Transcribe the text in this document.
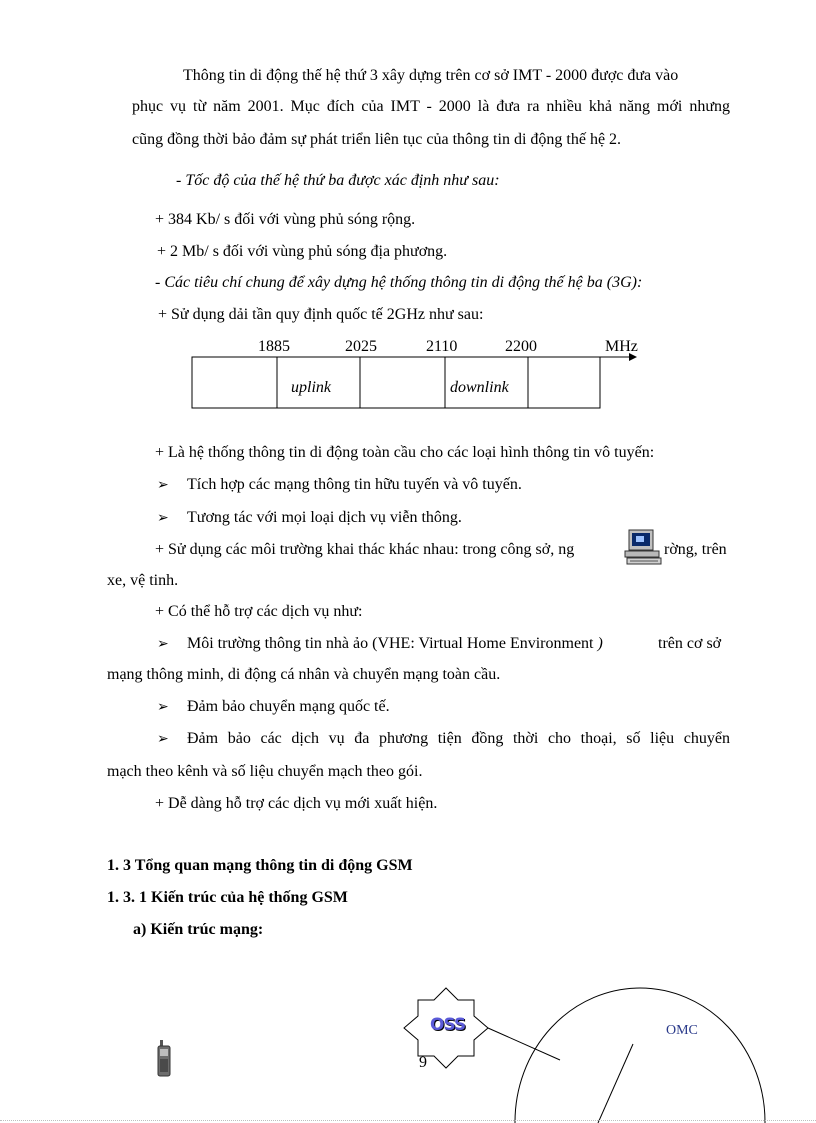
Thông tin di động thế hệ thứ 3 xây dựng trên cơ sở IMT - 2000 được đưa vào
phục vụ từ năm 2001. Mục đích của IMT - 2000 là đưa ra nhiều khả năng mới nhưng
cũng đồng thời bảo đảm sự phát triển liên tục của thông tin di động thế hệ 2.
- Tốc độ của thế hệ thứ ba được xác định như sau:
+ 384 Kb/ s đối với vùng phủ sóng rộng.
+ 2 Mb/ s đối với vùng phủ sóng địa phương.
- Các tiêu chí chung để xây dựng hệ thống thông tin di động thế hệ ba (3G):
+ Sử dụng dải tần quy định quốc tế 2GHz như sau:
1885	2025	2110	2200	MHz
uplink	downlink
+ Là hệ thống thông tin di động toàn cầu cho các loại hình thông tin vô tuyến:
➢ Tích hợp các mạng thông tin hữu tuyến và vô tuyến.
➢ Tương tác với mọi loại dịch vụ viễn thông.
+ Sử dụng các môi trường khai thác khác nhau: trong công sở, ng	rờng, trên
xe, vệ tinh.
+ Có thể hỗ trợ các dịch vụ như:
➢ Môi trường thông tin nhà ảo (VHE: Virtual Home Environment )	trên cơ sở
mạng thông minh, di động cá nhân và chuyển mạng toàn cầu.
➢ Đảm bảo chuyển mạng quốc tế.
➢ Đảm bảo các dịch vụ đa phương tiện đồng thời cho thoại, số liệu chuyển
mạch theo kênh và số liệu chuyển mạch theo gói.
+ Dễ dàng hỗ trợ các dịch vụ mới xuất hiện.
1. 3 Tổng quan mạng thông tin di động GSM
1. 3. 1 Kiến trúc của hệ thống GSM
a) Kiến trúc mạng:
OSS	OMC
9
